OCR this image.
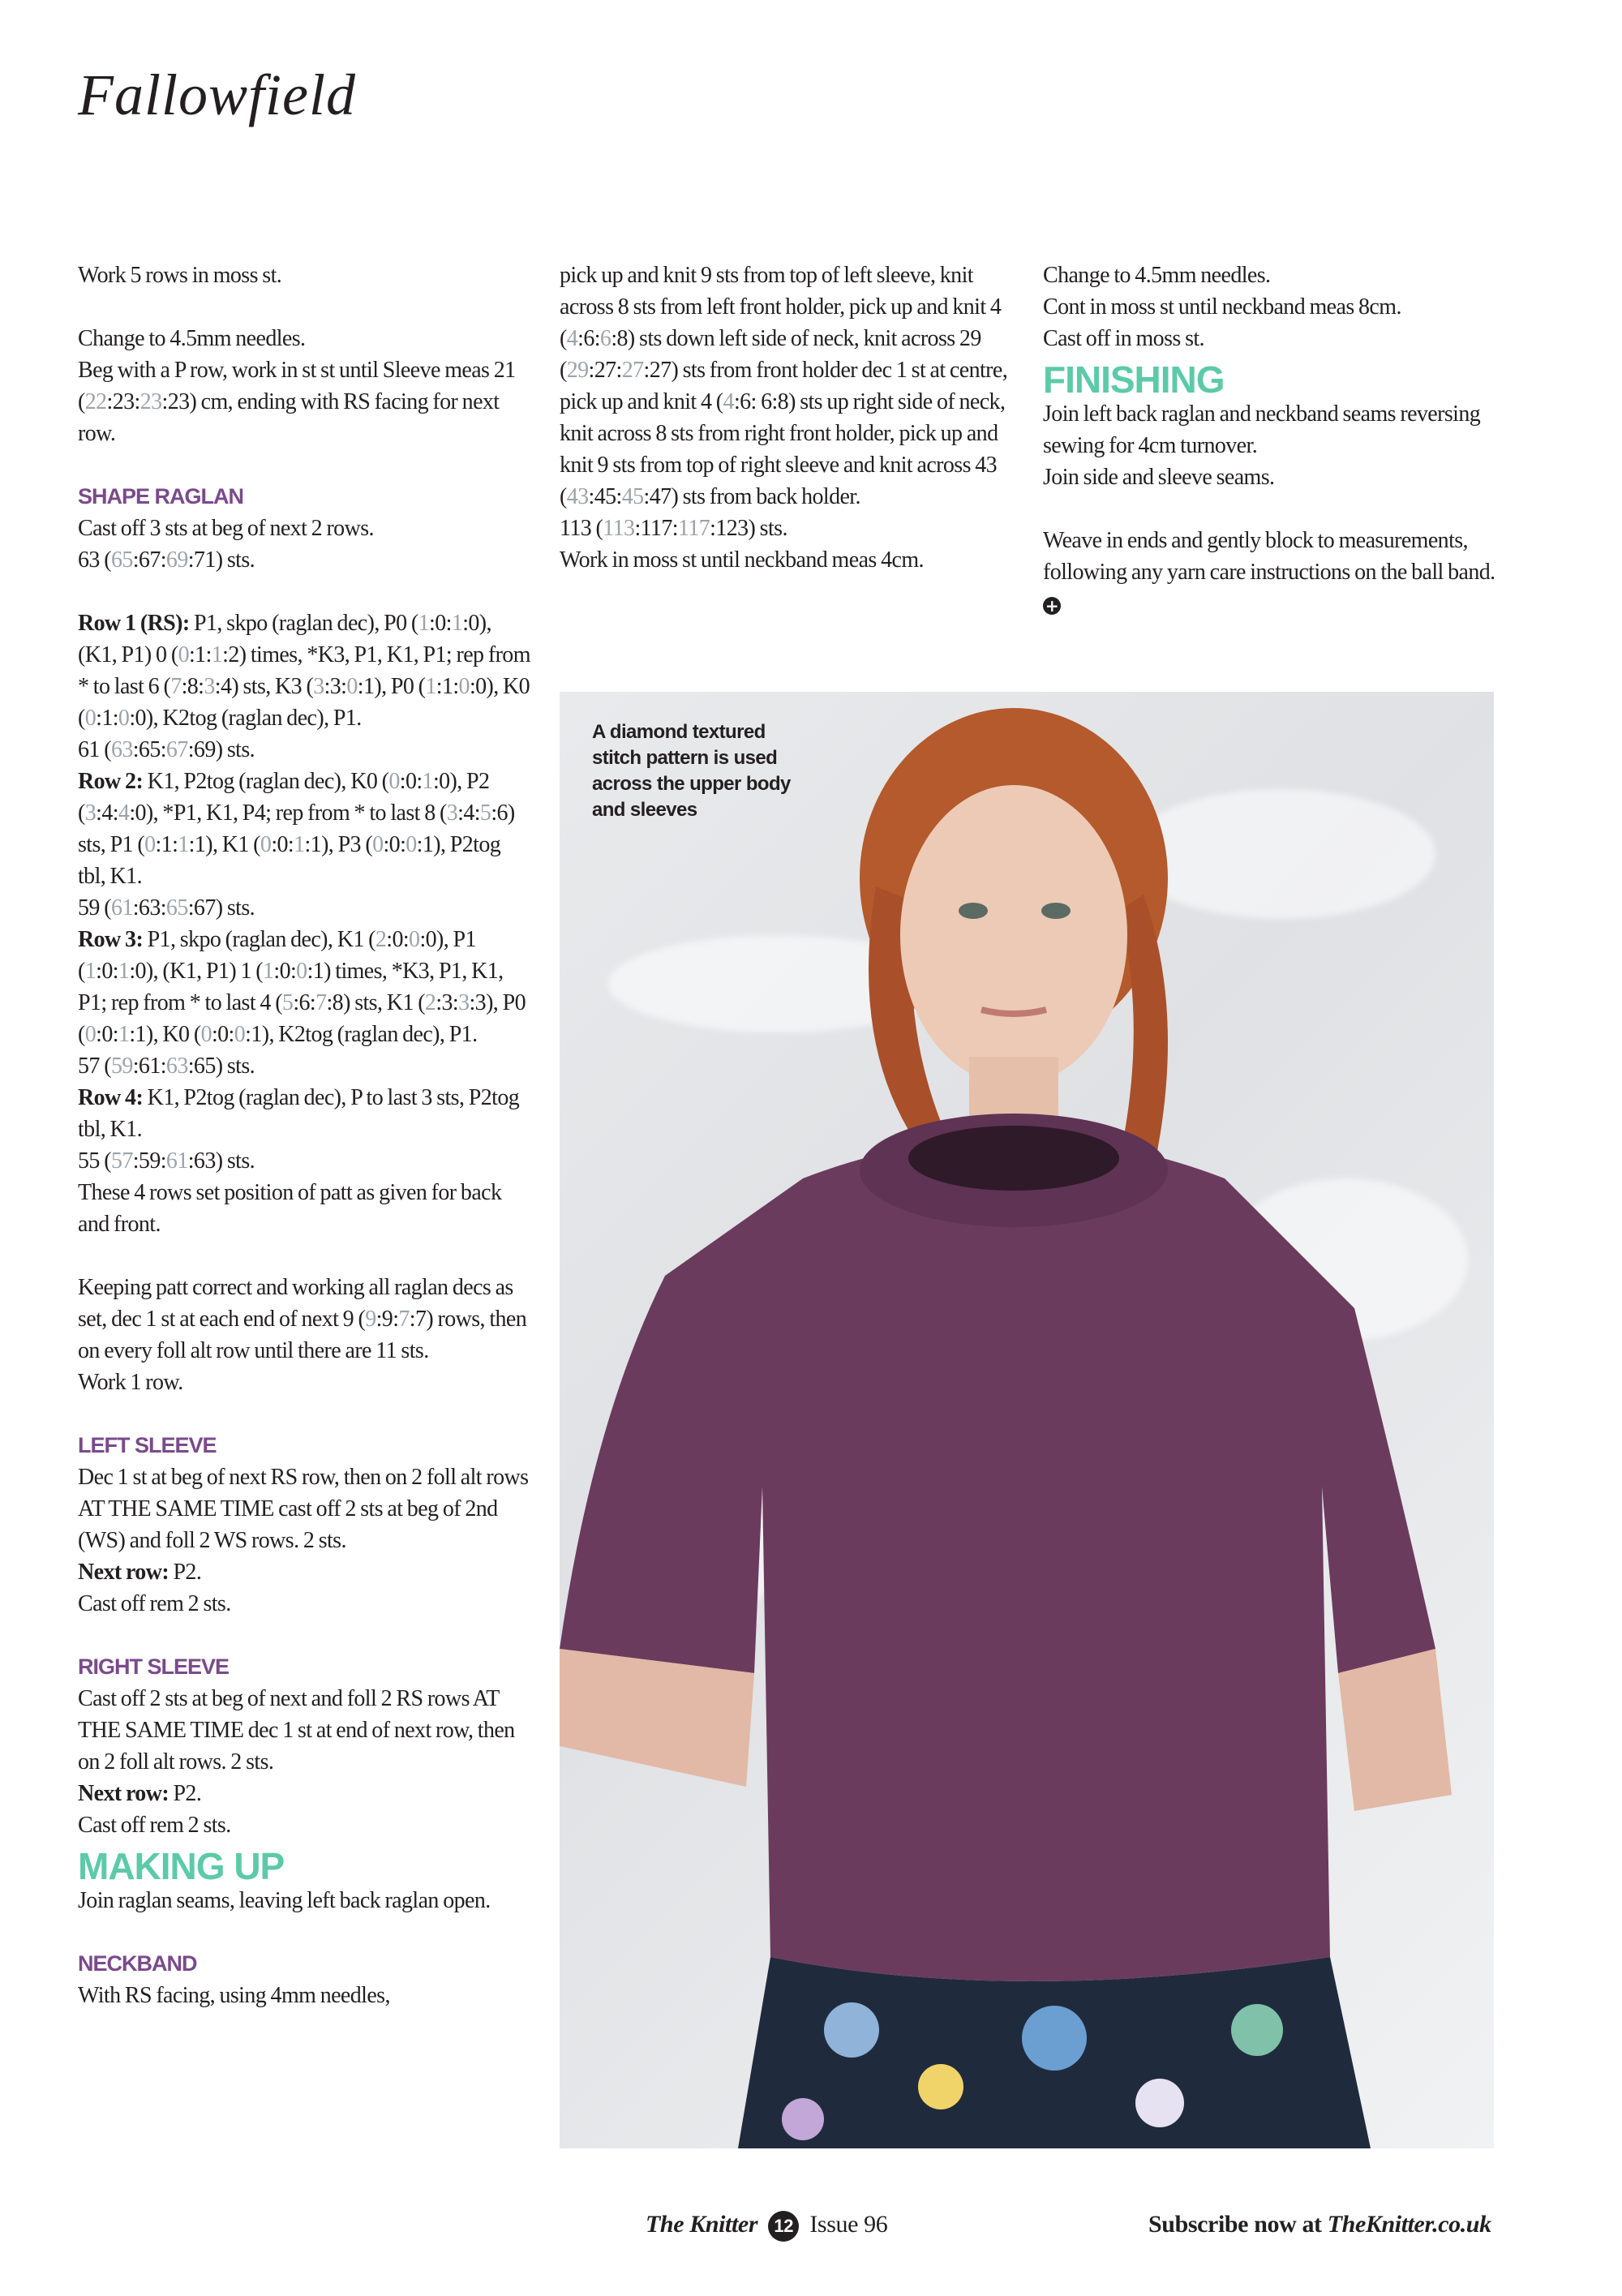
Fallowfield

Work 5 rows in moss st.

Change to 4.5mm needles.

Beg with a P row, work in st st until Sleeve meas 21 (22:23:23:23) cm, ending with RS facing for next row.

SHAPE RAGLAN

Cast off 3 sts at beg of next 2 rows.

63 (65:67:69:71) sts.

Row 1 (RS): P1, skpo (raglan dec), P0 (1:0:1:0), (K1, P1) 0 (0:1:1:2) times, *K3, P1, K1, P1; rep from * to last 6 (7:8:3:4) sts, K3 (3:3:0:1), P0 (1:1:0:0), K0 (0:1:0:0), K2tog (raglan dec), P1.

61 (63:65:67:69) sts.

Row 2: K1, P2tog (raglan dec), K0 (0:0:1:0), P2 (3:4:4:0), *P1, K1, P4; rep from * to last 8 (3:4:5:6) sts, P1 (0:1:1:1), K1 (0:0:1:1), P3 (0:0:0:1), P2tog tbl, K1.

59 (61:63:65:67) sts.

Row 3: P1, skpo (raglan dec), K1 (2:0:0:0), P1 (1:0:1:0), (K1, P1) 1 (1:0:0:1) times, *K3, P1, K1, P1; rep from * to last 4 (5:6:7:8) sts, K1 (2:3:3:3), P0 (0:0:1:1), K0 (0:0:0:1), K2tog (raglan dec), P1.

57 (59:61:63:65) sts.

Row 4: K1, P2tog (raglan dec), P to last 3 sts, P2tog tbl, K1.

55 (57:59:61:63) sts.

These 4 rows set position of patt as given for back and front.

Keeping patt correct and working all raglan decs as set, dec 1 st at each end of next 9 (9:9:7:7) rows, then on every foll alt row until there are 11 sts.

Work 1 row.

LEFT SLEEVE

Dec 1 st at beg of next RS row, then on 2 foll alt rows AT THE SAME TIME cast off 2 sts at beg of 2nd (WS) and foll 2 WS rows. 2 sts.

Next row: P2.

Cast off rem 2 sts.

RIGHT SLEEVE

Cast off 2 sts at beg of next and foll 2 RS rows AT THE SAME TIME dec 1 st at end of next row, then on 2 foll alt rows. 2 sts.

Next row: P2.

Cast off rem 2 sts.

MAKING UP

Join raglan seams, leaving left back raglan open.

NECKBAND

With RS facing, using 4mm needles,

pick up and knit 9 sts from top of left sleeve, knit across 8 sts from left front holder, pick up and knit 4 (4:6:6:8) sts down left side of neck, knit across 29 (29:27:27:27) sts from front holder dec 1 st at centre, pick up and knit 4 (4:6: 6:8) sts up right side of neck, knit across 8 sts from right front holder, pick up and knit 9 sts from top of right sleeve and knit across 43 (43:45:45:47) sts from back holder.

113 (113:117:117:123) sts.

Work in moss st until neckband meas 4cm.

Change to 4.5mm needles.

Cont in moss st until neckband meas 8cm.

Cast off in moss st.

FINISHING

Join left back raglan and neckband seams reversing sewing for 4cm turnover.

Join side and sleeve seams.

Weave in ends and gently block to measurements, following any yarn care instructions on the ball band. +

A diamond textured stitch pattern is used across the upper body and sleeves
The Knitter 12 Issue 96	Subscribe now at TheKnitter.co.uk
